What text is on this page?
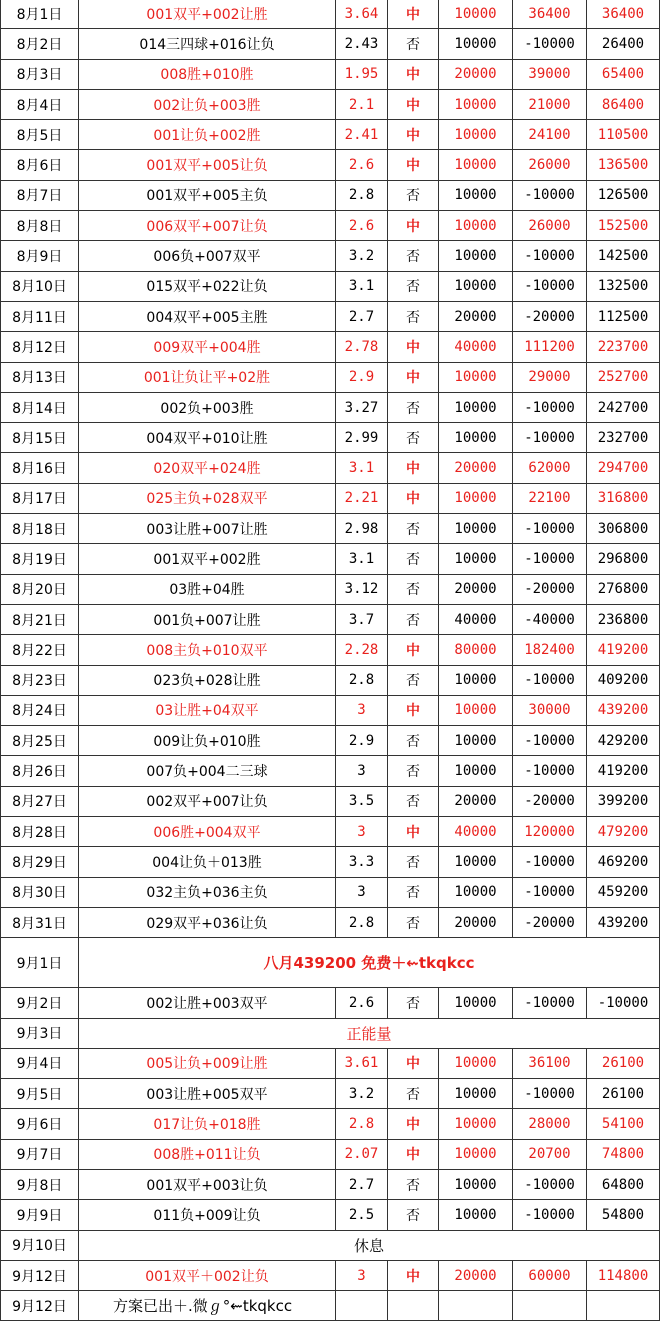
8月1日	001双平+002让胜	3.64	中	10000	36400	36400
8月2日	014三四球+016让负	2.43	否	10000	-10000	26400
8月3日	008胜+010胜	1.95	中	20000	39000	65400
8月4日	002让负+003胜	2.1	中	10000	21000	86400
8月5日	001让负+002胜	2.41	中	10000	24100	110500
8月6日	001双平+005让负	2.6	中	10000	26000	136500
8月7日	001双平+005主负	2.8	否	10000	-10000	126500
8月8日	006双平+007让负	2.6	中	10000	26000	152500
8月9日	006负+007双平	3.2	否	10000	-10000	142500
8月10日	015双平+022让负	3.1	否	10000	-10000	132500
8月11日	004双平+005主胜	2.7	否	20000	-20000	112500
8月12日	009双平+004胜	2.78	中	40000	111200	223700
8月13日	001让负让平+02胜	2.9	中	10000	29000	252700
8月14日	002负+003胜	3.27	否	10000	-10000	242700
8月15日	004双平+010让胜	2.99	否	10000	-10000	232700
8月16日	020双平+024胜	3.1	中	20000	62000	294700
8月17日	025主负+028双平	2.21	中	10000	22100	316800
8月18日	003让胜+007让胜	2.98	否	10000	-10000	306800
8月19日	001双平+002胜	3.1	否	10000	-10000	296800
8月20日	03胜+04胜	3.12	否	20000	-20000	276800
8月21日	001负+007让胜	3.7	否	40000	-40000	236800
8月22日	008主负+010双平	2.28	中	80000	182400	419200
8月23日	023负+028让胜	2.8	否	10000	-10000	409200
8月24日	03让胜+04双平	3	中	10000	30000	439200
8月25日	009让负+010胜	2.9	否	10000	-10000	429200
8月26日	007负+004二三球	3	否	10000	-10000	419200
8月27日	002双平+007让负	3.5	否	20000	-20000	399200
8月28日	006胜+004双平	3	中	40000	120000	479200
8月29日	004让负＋013胜	3.3	否	10000	-10000	469200
8月30日	032主负+036主负	3	否	10000	-10000	459200
8月31日	029双平+036让负	2.8	否	20000	-20000	439200
9月1日	八月439200 免费＋⇜tkqkcc					
9月2日	002让胜+003双平	2.6	否	10000	-10000	-10000
9月3日	正能量					
9月4日	005让负+009让胜	3.61	中	10000	36100	26100
9月5日	003让胜+005双平	3.2	否	10000	-10000	26100
9月6日	017让负+018胜	2.8	中	10000	28000	54100
9月7日	008胜+011让负	2.07	中	10000	20700	74800
9月8日	001双平+003让负	2.7	否	10000	-10000	64800
9月9日	011负+009让负	2.5	否	10000	-10000	54800
9月10日	休息					
9月12日	001双平＋002让负	3	中	20000	60000	114800
9月12日	方案已出＋.微ℊ°⇜tkqkcc					
